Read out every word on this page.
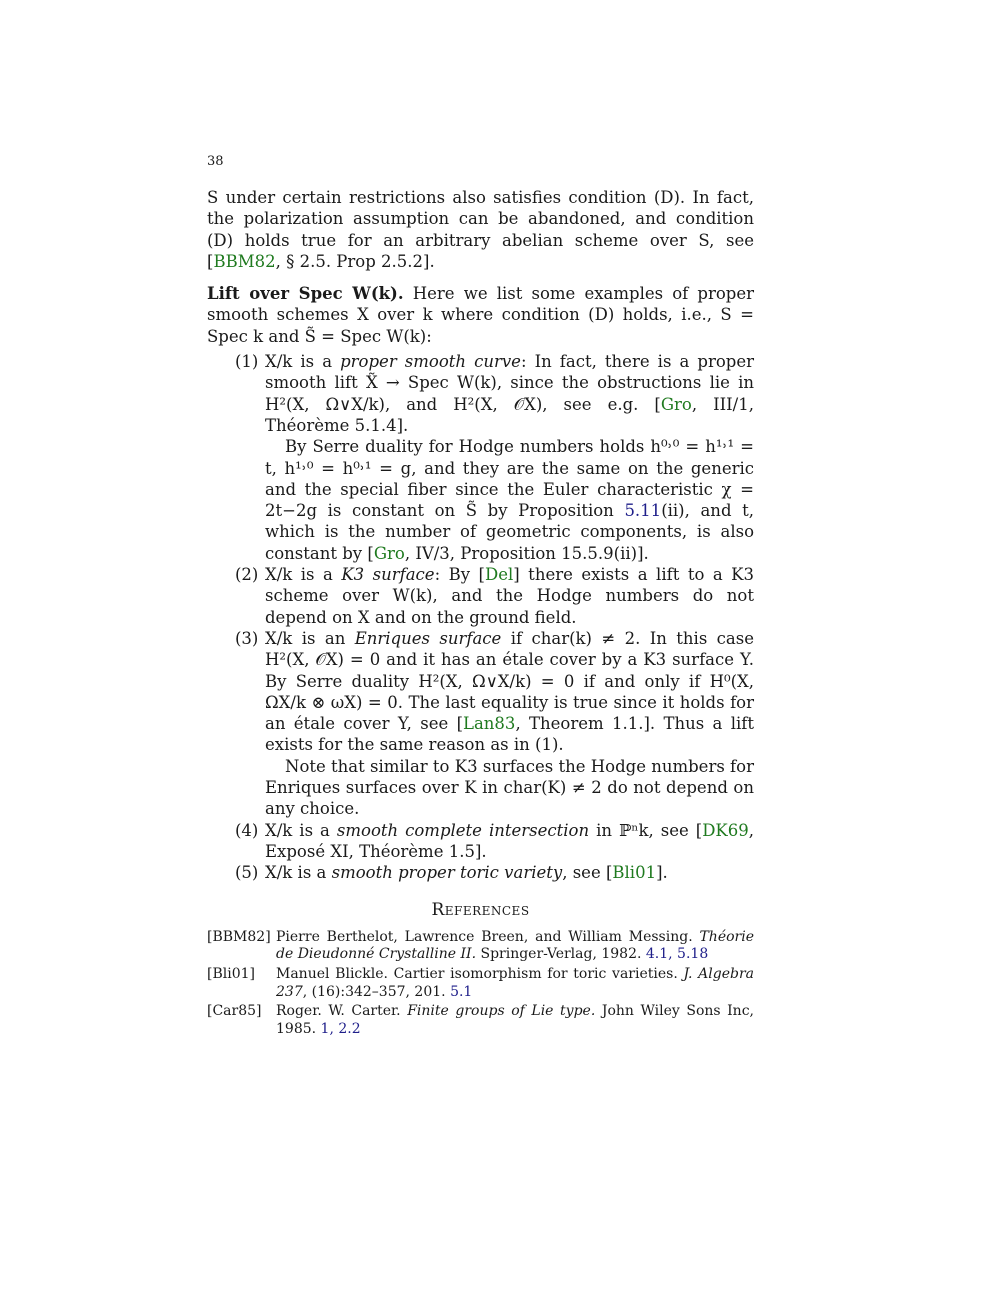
38

S under certain restrictions also satisfies condition (D). In fact, the polarization assumption can be abandoned, and condition (D) holds true for an arbitrary abelian scheme over S, see [BBM82, § 2.5. Prop 2.5.2].

Lift over Spec W(k). Here we list some examples of proper smooth schemes X over k where condition (D) holds, i.e., S = Spec k and S̃ = Spec W(k):

(1) X/k is a proper smooth curve: In fact, there is a proper smooth lift X̃ → Spec W(k), since the obstructions lie in H²(X, Ω∨X/k), and H²(X, 𝒪X), see e.g. [Gro, III/1, Théorème 5.1.4].
By Serre duality for Hodge numbers holds h⁰˒⁰ = h¹˒¹ = t, h¹˒⁰ = h⁰˒¹ = g, and they are the same on the generic and the special fiber since the Euler characteristic χ = 2t−2g is constant on S̃ by Proposition 5.11(ii), and t, which is the number of geometric components, is also constant by [Gro, IV/3, Proposition 15.5.9(ii)].
(2) X/k is a K3 surface: By [Del] there exists a lift to a K3 scheme over W(k), and the Hodge numbers do not depend on X and on the ground field.
(3) X/k is an Enriques surface if char(k) ≠ 2. In this case H²(X, 𝒪X) = 0 and it has an étale cover by a K3 surface Y. By Serre duality H²(X, Ω∨X/k) = 0 if and only if H⁰(X, ΩX/k ⊗ ωX) = 0. The last equality is true since it holds for an étale cover Y, see [Lan83, Theorem 1.1.]. Thus a lift exists for the same reason as in (1).
Note that similar to K3 surfaces the Hodge numbers for Enriques surfaces over K in char(K) ≠ 2 do not depend on any choice.
(4) X/k is a smooth complete intersection in ℙⁿk, see [DK69, Exposé XI, Théorème 1.5].
(5) X/k is a smooth proper toric variety, see [Bli01].
References
[BBM82] Pierre Berthelot, Lawrence Breen, and William Messing. Théorie de Dieudonné Crystalline II. Springer-Verlag, 1982. 4.1, 5.18
[Bli01]	Manuel Blickle. Cartier isomorphism for toric varieties. J. Algebra 237, (16):342–357, 201. 5.1
[Car85]	Roger. W. Carter. Finite groups of Lie type. John Wiley Sons Inc, 1985. 1, 2.2
